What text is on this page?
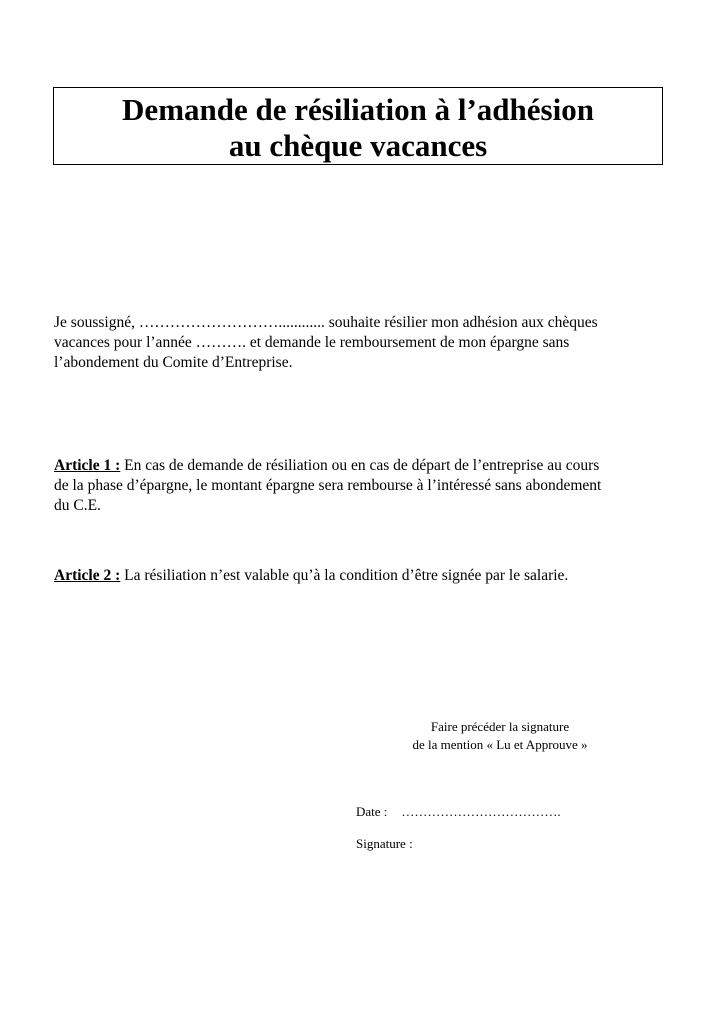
Demande de résiliation à l’adhésion
au chèque vacances
Je soussigné, ………………………............ souhaite résilier mon adhésion aux chèques
vacances pour l’année ………. et demande le remboursement de mon épargne sans
l’abondement du Comite d’Entreprise.
Article 1 : En cas de demande de résiliation ou en cas de départ de l’entreprise au cours
de la phase d’épargne, le montant épargne sera rembourse à l’intéressé sans abondement
du C.E.
Article 2 : La résiliation n’est valable qu’à la condition d’être signée par le salarie.
Faire précéder la signature
de la mention « Lu et Approuve »
Date : ……………………………….
Signature :
